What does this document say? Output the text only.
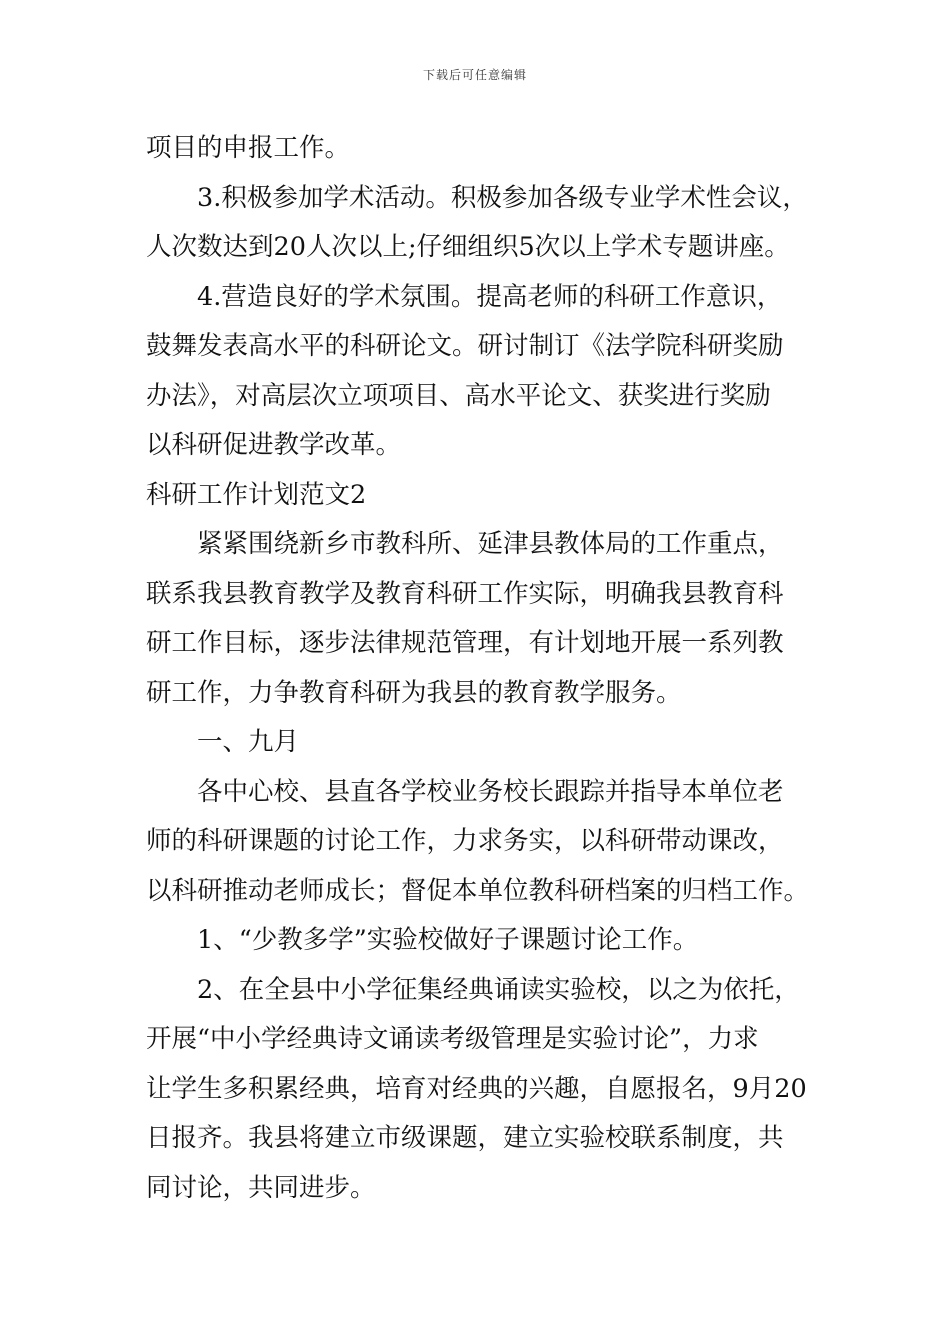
下载后可任意编辑
项目的申报工作。
3.积极参加学术活动。积极参加各级专业学术性会议，
人次数达到20人次以上;仔细组织5次以上学术专题讲座。
4.营造良好的学术氛围。提高老师的科研工作意识，
鼓舞发表高水平的科研论文。研讨制订《法学院科研奖励
办法》，对高层次立项项目、高水平论文、获奖进行奖励
以科研促进教学改革。
科研工作计划范文2
紧紧围绕新乡市教科所、延津县教体局的工作重点，
联系我县教育教学及教育科研工作实际，明确我县教育科
研工作目标，逐步法律规范管理，有计划地开展一系列教
研工作，力争教育科研为我县的教育教学服务。
一、九月
各中心校、县直各学校业务校长跟踪并指导本单位老
师的科研课题的讨论工作，力求务实，以科研带动课改，
以科研推动老师成长；督促本单位教科研档案的归档工作。
1、“少教多学”实验校做好子课题讨论工作。
2、在全县中小学征集经典诵读实验校，以之为依托，
开展“中小学经典诗文诵读考级管理是实验讨论”，力求
让学生多积累经典，培育对经典的兴趣，自愿报名，9月20
日报齐。我县将建立市级课题，建立实验校联系制度，共
同讨论，共同进步。
